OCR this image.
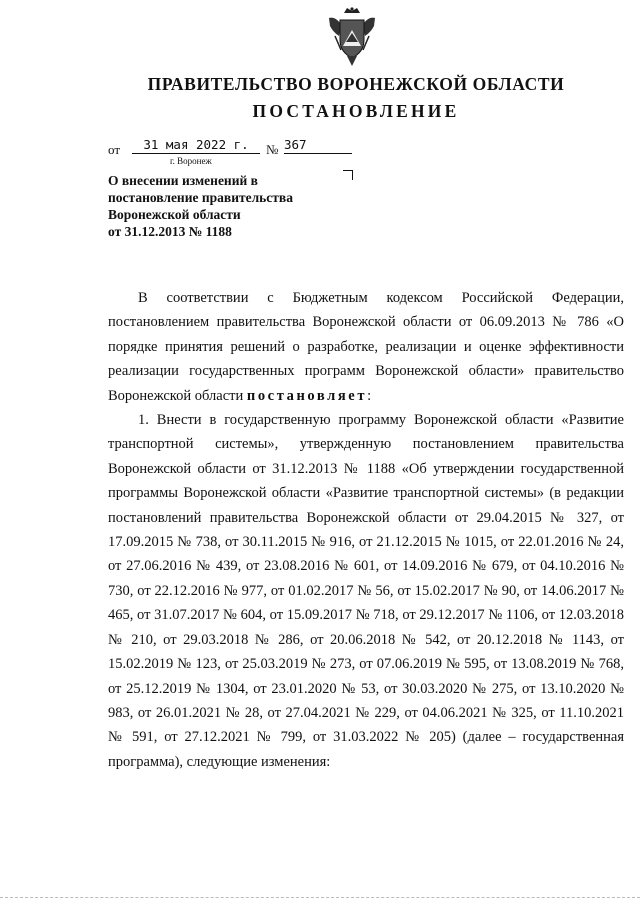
ПРАВИТЕЛЬСТВО ВОРОНЕЖСКОЙ ОБЛАСТИ
ПОСТАНОВЛЕНИЕ
от	31 мая 2022 г.	№ 367
г. Воронеж
О внесении изменений в
постановление правительства
Воронежской области
от 31.12.2013 № 1188

В соответствии с Бюджетным кодексом Российской Федерации, постановлением правительства Воронежской области от 06.09.2013 № 786 «О порядке принятия решений о разработке, реализации и оценке эффективности реализации государственных программ Воронежской области» правительство Воронежской области постановляет:

1. Внести в государственную программу Воронежской области «Развитие транспортной системы», утвержденную постановлением правительства Воронежской области от 31.12.2013 № 1188 «Об утверждении государственной программы Воронежской области «Развитие транспортной системы» (в редакции постановлений правительства Воронежской области от 29.04.2015 № 327, от 17.09.2015 № 738, от 30.11.2015 № 916, от 21.12.2015 № 1015, от 22.01.2016 № 24, от 27.06.2016 № 439, от 23.08.2016 № 601, от 14.09.2016 № 679, от 04.10.2016 № 730, от 22.12.2016 № 977, от 01.02.2017 № 56, от 15.02.2017 № 90, от 14.06.2017 № 465, от 31.07.2017 № 604, от 15.09.2017 № 718, от 29.12.2017 № 1106, от 12.03.2018 № 210, от 29.03.2018 № 286, от 20.06.2018 № 542, от 20.12.2018 № 1143, от 15.02.2019 № 123, от 25.03.2019 № 273, от 07.06.2019 № 595, от 13.08.2019 № 768, от 25.12.2019 № 1304, от 23.01.2020 № 53, от 30.03.2020 № 275, от 13.10.2020 № 983, от 26.01.2021 № 28, от 27.04.2021 № 229, от 04.06.2021 № 325, от 11.10.2021 № 591, от 27.12.2021 № 799, от 31.03.2022 № 205) (далее – государственная программа), следующие изменения:
